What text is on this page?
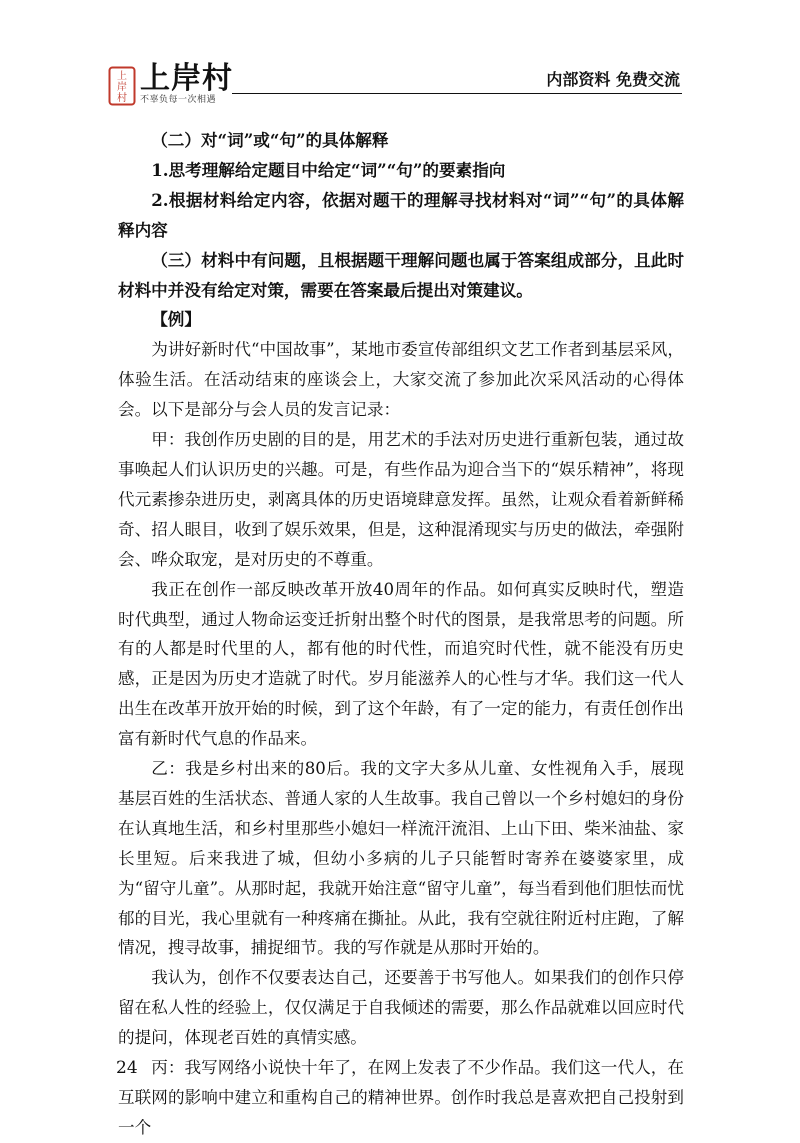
上
岸
村
上岸村
不辜负每一次相遇
内部资料 免费交流

（二）对“词”或“句”的具体解释

1.思考理解给定题目中给定“词”“句”的要素指向

2.根据材料给定内容，依据对题干的理解寻找材料对“词”“句”的具体解释内容

（三）材料中有问题，且根据题干理解问题也属于答案组成部分，且此时材料中并没有给定对策，需要在答案最后提出对策建议。

【例】

为讲好新时代“中国故事”，某地市委宣传部组织文艺工作者到基层采风，体验生活。在活动结束的座谈会上，大家交流了参加此次采风活动的心得体会。以下是部分与会人员的发言记录：

甲：我创作历史剧的目的是，用艺术的手法对历史进行重新包装，通过故事唤起人们认识历史的兴趣。可是，有些作品为迎合当下的“娱乐精神”，将现代元素掺杂进历史，剥离具体的历史语境肆意发挥。虽然，让观众看着新鲜稀奇、招人眼目，收到了娱乐效果，但是，这种混淆现实与历史的做法，牵强附会、哗众取宠，是对历史的不尊重。

我正在创作一部反映改革开放40周年的作品。如何真实反映时代，塑造时代典型，通过人物命运变迁折射出整个时代的图景，是我常思考的问题。所有的人都是时代里的人，都有他的时代性，而追究时代性，就不能没有历史感，正是因为历史才造就了时代。岁月能滋养人的心性与才华。我们这一代人出生在改革开放开始的时候，到了这个年龄，有了一定的能力，有责任创作出富有新时代气息的作品来。

乙：我是乡村出来的80后。我的文字大多从儿童、女性视角入手，展现基层百姓的生活状态、普通人家的人生故事。我自己曾以一个乡村媳妇的身份在认真地生活，和乡村里那些小媳妇一样流汗流泪、上山下田、柴米油盐、家长里短。后来我进了城，但幼小多病的儿子只能暂时寄养在婆婆家里，成为“留守儿童”。从那时起，我就开始注意“留守儿童”，每当看到他们胆怯而忧郁的目光，我心里就有一种疼痛在撕扯。从此，我有空就往附近村庄跑，了解情况，搜寻故事，捕捉细节。我的写作就是从那时开始的。

我认为，创作不仅要表达自己，还要善于书写他人。如果我们的创作只停留在私人性的经验上，仅仅满足于自我倾述的需要，那么作品就难以回应时代的提问，体现老百姓的真情实感。

丙：我写网络小说快十年了，在网上发表了不少作品。我们这一代人，在互联网的影响中建立和重构自己的精神世界。创作时我总是喜欢把自己投射到一个

24
